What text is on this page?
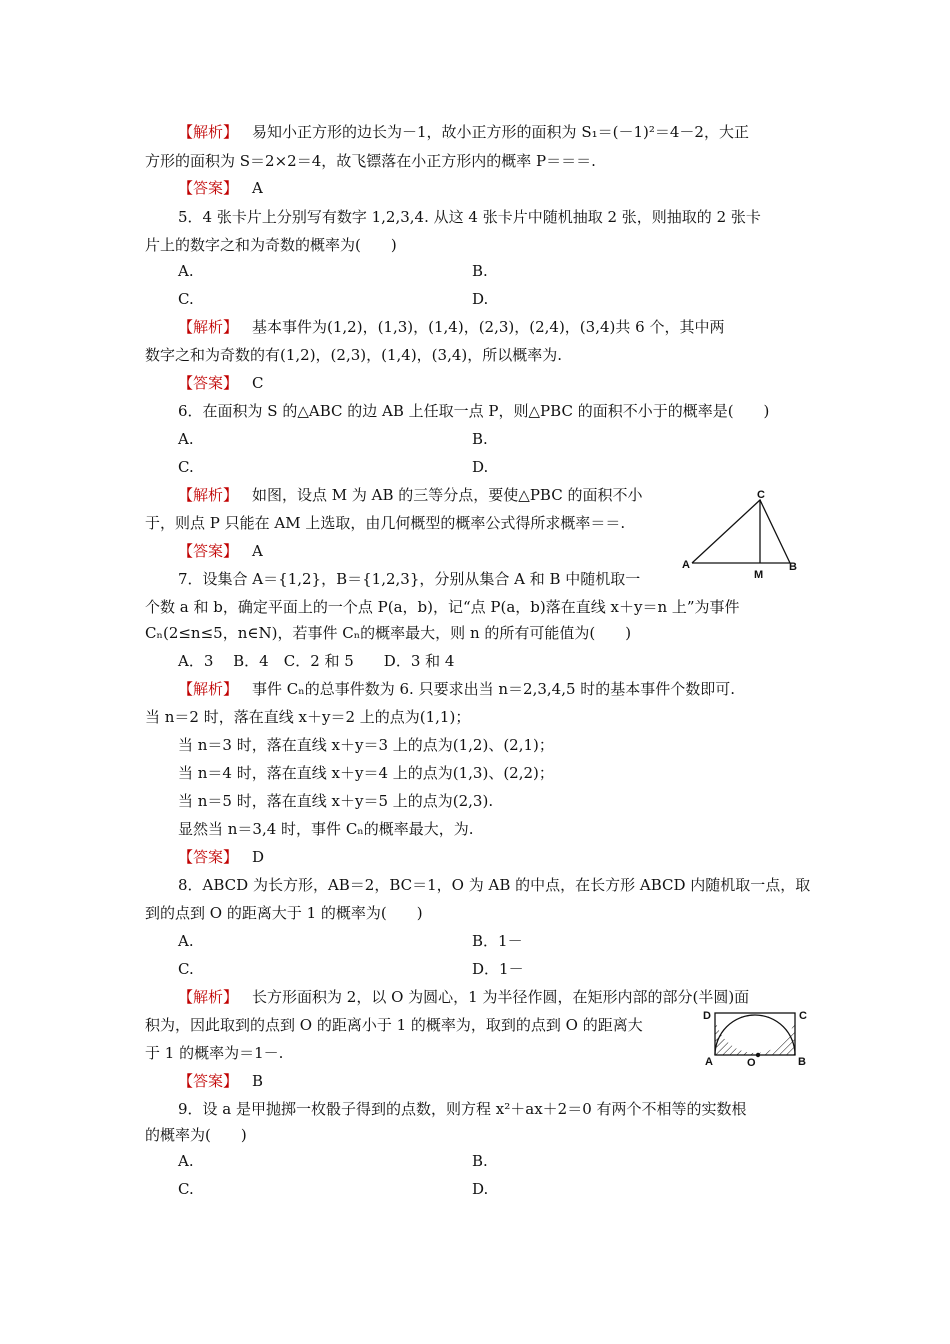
【解析】 易知小正方形的边长为－1，故小正方形的面积为 S₁＝(－1)²＝4－2，大正
方形的面积为 S＝2×2＝4，故飞镖落在小正方形内的概率 P＝＝＝.
【答案】 A
5．4 张卡片上分别写有数字 1,2,3,4. 从这 4 张卡片中随机抽取 2 张，则抽取的 2 张卡
片上的数字之和为奇数的概率为(　　)
A.	B.
C.	D.
【解析】 基本事件为(1,2)，(1,3)，(1,4)，(2,3)，(2,4)，(3,4)共 6 个，其中两
数字之和为奇数的有(1,2)，(2,3)，(1,4)，(3,4)，所以概率为.
【答案】 C
6．在面积为 S 的△ABC 的边 AB 上任取一点 P，则△PBC 的面积不小于的概率是(　　)
A.	B.
C.	D.
【解析】 如图，设点 M 为 AB 的三等分点，要使△PBC 的面积不小
于，则点 P 只能在 AM 上选取，由几何概型的概率公式得所求概率＝＝.
【答案】 A
C
A
M
B
7．设集合 A＝{1,2}，B＝{1,2,3}，分别从集合 A 和 B 中随机取一
个数 a 和 b，确定平面上的一个点 P(a，b)，记“点 P(a，b)落在直线 x＋y＝n 上”为事件
Cₙ(2≤n≤5，n∈N)，若事件 Cₙ的概率最大，则 n 的所有可能值为(　　)
A．3　 B．4　C．2 和 5　　D．3 和 4
【解析】 事件 Cₙ的总事件数为 6. 只要求出当 n＝2,3,4,5 时的基本事件个数即可.
当 n＝2 时，落在直线 x＋y＝2 上的点为(1,1)；
当 n＝3 时，落在直线 x＋y＝3 上的点为(1,2)、(2,1)；
当 n＝4 时，落在直线 x＋y＝4 上的点为(1,3)、(2,2)；
当 n＝5 时，落在直线 x＋y＝5 上的点为(2,3).
显然当 n＝3,4 时，事件 Cₙ的概率最大，为.
【答案】 D
8．ABCD 为长方形，AB＝2，BC＝1，O 为 AB 的中点，在长方形 ABCD 内随机取一点，取
到的点到 O 的距离大于 1 的概率为(　　)
A.	B．1－
C.	D．1－
【解析】 长方形面积为 2，以 O 为圆心，1 为半径作圆，在矩形内部的部分(半圆)面
积为，因此取到的点到 O 的距离小于 1 的概率为，取到的点到 O 的距离大
于 1 的概率为＝1－.
【答案】 B
D	C
A	O	B
9．设 a 是甲抛掷一枚骰子得到的点数，则方程 x²＋ax＋2＝0 有两个不相等的实数根
的概率为(　　)
A.	B.
C.	D.
